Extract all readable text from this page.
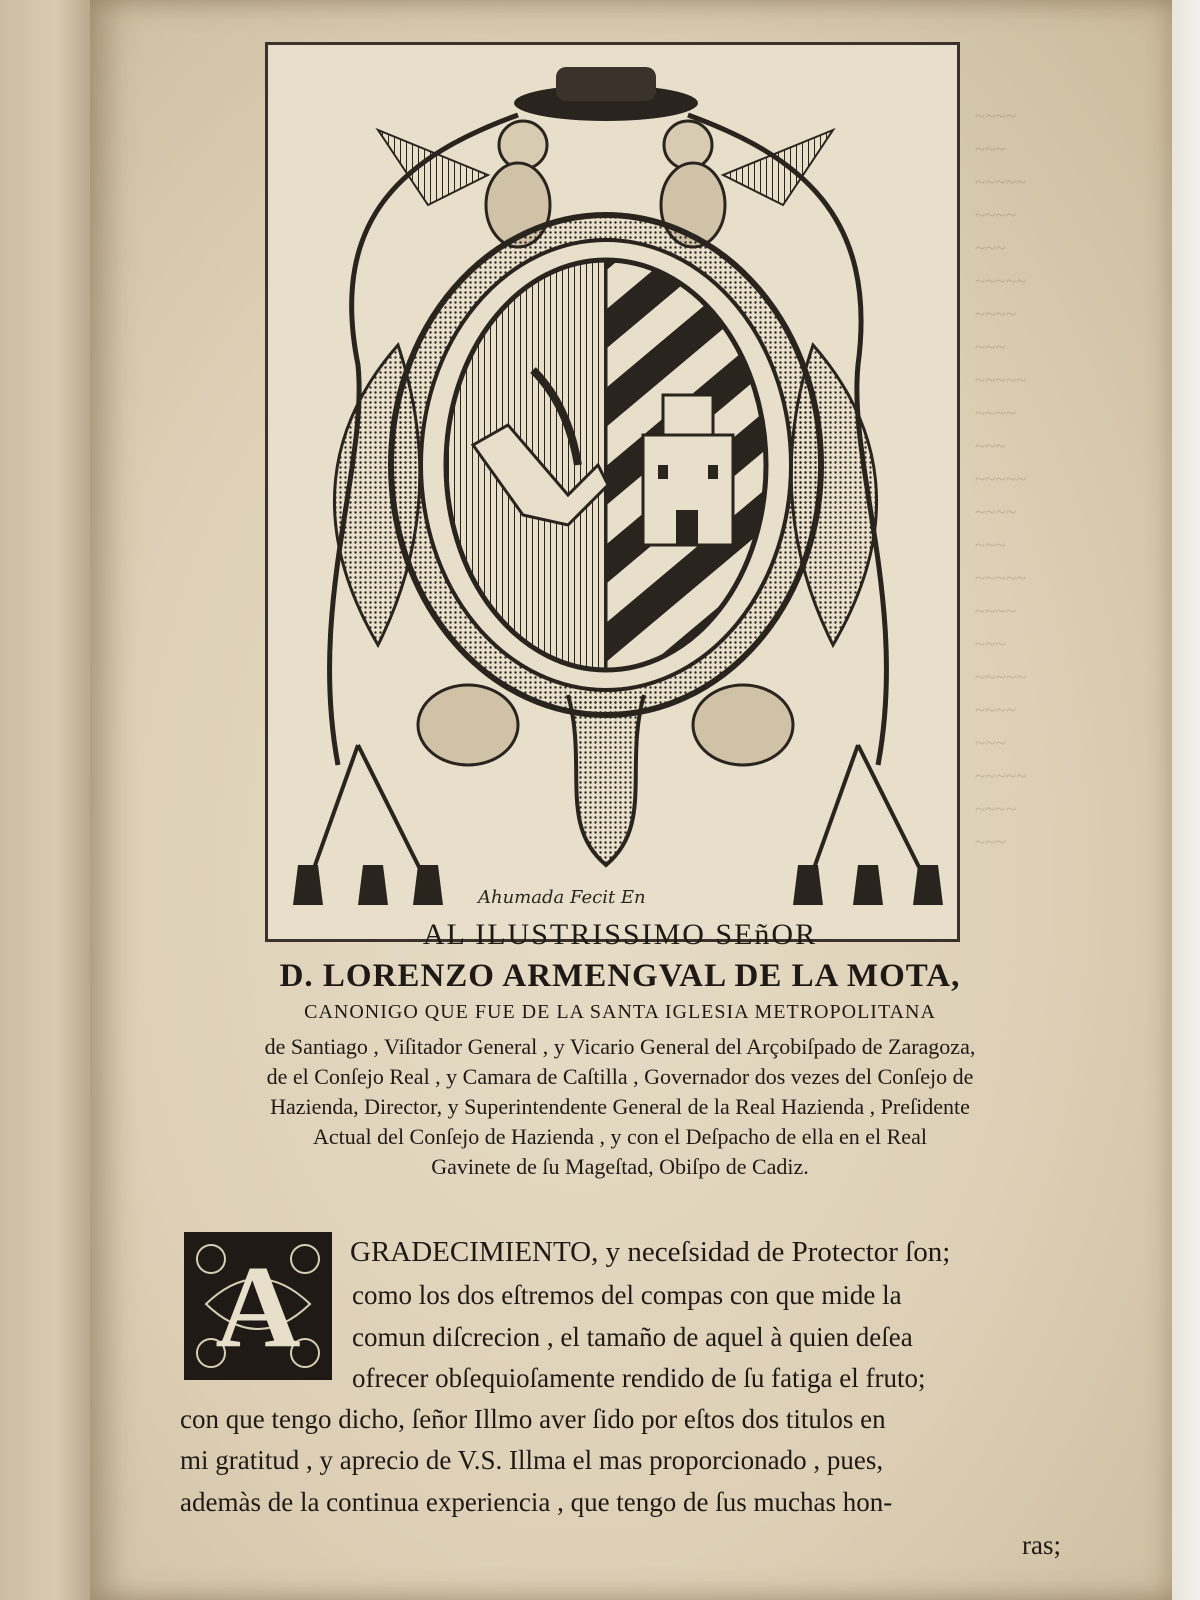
~~~~
~~~
~~~~~
~~~~
~~~
~~~~~
~~~~
~~~
~~~~~
~~~~
~~~
~~~~~
~~~~
~~~
~~~~~
~~~~
~~~
~~~~~
~~~~
~~~
~~~~~
~~~~
~~~
Ahumada Fecit En
AL ILUSTRISSIMO SEñOR
D. LORENZO ARMENGVAL DE LA MOTA,
CANONIGO QUE FUE DE LA SANTA IGLESIA METROPOLITANA
de Santiago , Viſitador General , y Vicario General del Arçobiſpado de Zaragoza,
de el Conſejo Real , y Camara de Caſtilla , Governador dos vezes del Conſejo de
Hazienda, Director, y Superintendente General de la Real Hazienda , Preſidente
Actual del Conſejo de Hazienda , y con el Deſpacho de ella en el Real
Gavinete de ſu Mageſtad, Obiſpo de Cadiz.
A	GRADECIMIENTO, y neceſsidad de Protector ſon;
como los dos eſtremos del compas con que mide la
comun diſcrecion , el tamaño de aquel à quien deſea
ofrecer obſequioſamente rendido de ſu fatiga el fruto;
con que tengo dicho, ſeñor Illmo aver ſido por eſtos dos titulos en
mi gratitud , y aprecio de V.S. Illma el mas proporcionado , pues,
ademàs de la continua experiencia , que tengo de ſus muchas hon-
ras;
